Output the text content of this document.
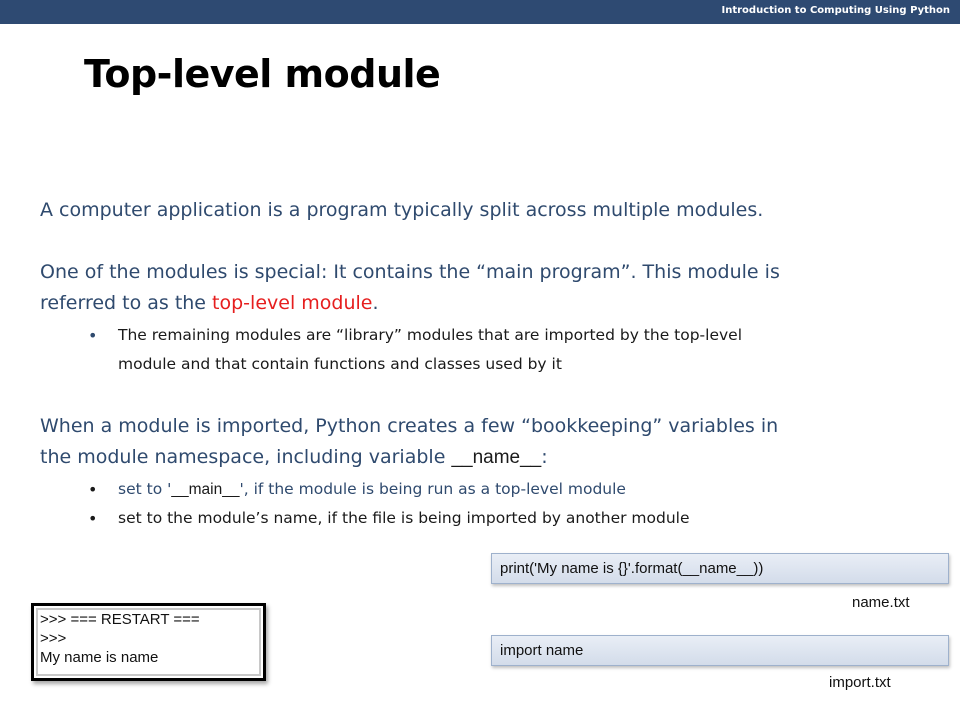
Introduction to Computing Using Python
Top-level module
A computer application is a program typically split across multiple modules.
One of the modules is special: It contains the “main program”. This module is
referred to as the top-level module.
• The remaining modules are “library” modules that are imported by the top-level
module and that contain functions and classes used by it
When a module is imported, Python creates a few “bookkeeping” variables in
the module namespace, including variable __name__:
• set to '__main__', if the module is being run as a top-level module
• set to the module’s name, if the file is being imported by another module
print('My name is {}'.format(__name__))
name.txt
import name
import.txt
>>> === RESTART ===
>>>
My name is name
